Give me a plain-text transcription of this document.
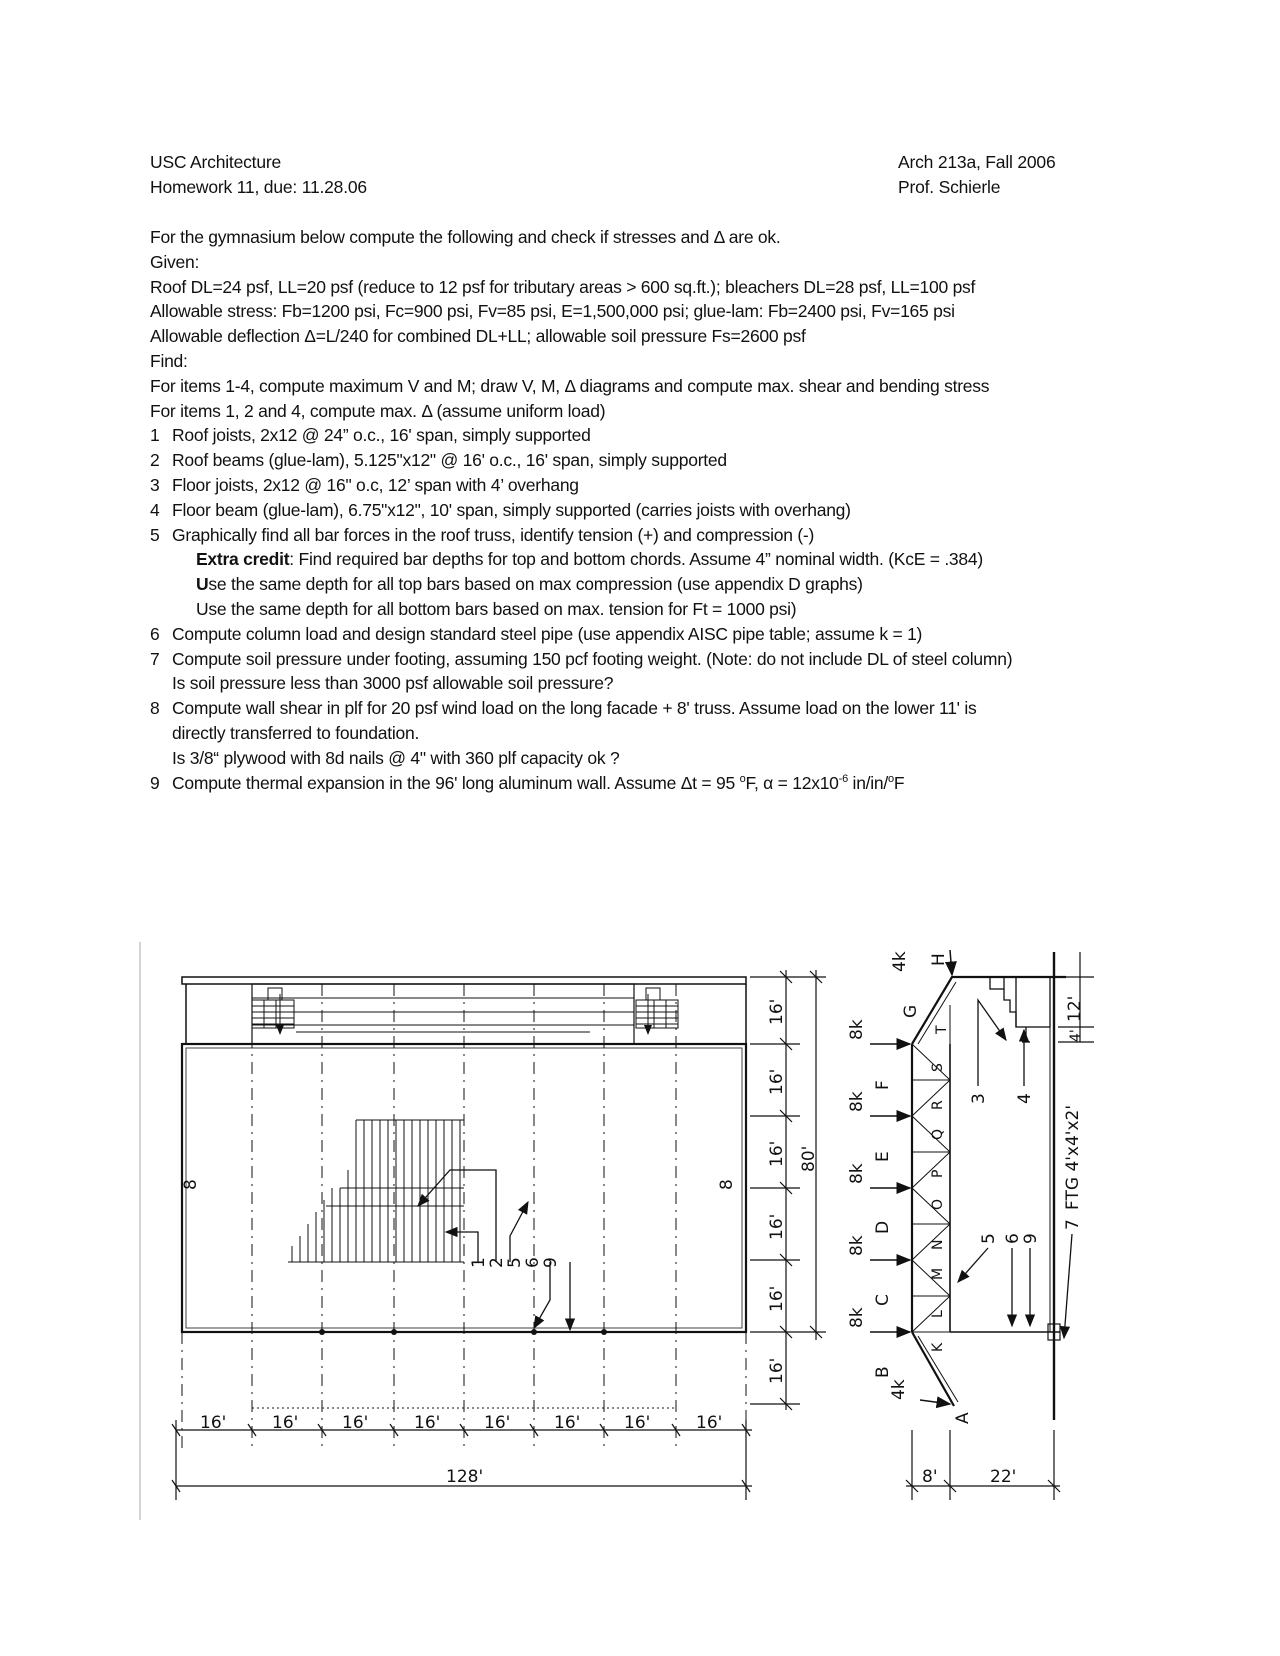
USC Architecture
Homework 11, due: 11.28.06
Arch 213a, Fall 2006
Prof. Schierle
For the gymnasium below compute the following and check if stresses and Δ are ok.
Given:
Roof DL=24 psf, LL=20 psf (reduce to 12 psf for tributary areas > 600 sq.ft.); bleachers DL=28 psf, LL=100 psf
Allowable stress: Fb=1200 psi, Fc=900 psi, Fv=85 psi, E=1,500,000 psi; glue-lam: Fb=2400 psi, Fv=165 psi
Allowable deflection Δ=L/240 for combined DL+LL; allowable soil pressure Fs=2600 psf
Find:
For items 1-4, compute maximum V and M; draw V, M, Δ diagrams and compute max. shear and bending stress
For items 1, 2 and 4, compute max. Δ (assume uniform load)
1 Roof joists, 2x12 @ 24” o.c., 16' span, simply supported
2 Roof beams (glue-lam), 5.125"x12" @ 16' o.c., 16' span, simply supported
3 Floor joists, 2x12 @ 16" o.c, 12’ span with 4’ overhang
4 Floor beam (glue-lam), 6.75"x12", 10' span, simply supported (carries joists with overhang)
5 Graphically find all bar forces in the roof truss, identify tension (+) and compression (-)
Extra credit: Find required bar depths for top and bottom chords. Assume 4” nominal width. (KcE = .384)
Use the same depth for all top bars based on max compression (use appendix D graphs)
Use the same depth for all bottom bars based on max. tension for Ft = 1000 psi)
6 Compute column load and design standard steel pipe (use appendix AISC pipe table; assume k = 1)
7 Compute soil pressure under footing, assuming 150 pcf footing weight. (Note: do not include DL of steel column)
Is soil pressure less than 3000 psf allowable soil pressure?
8 Compute wall shear in plf for 20 psf wind load on the long facade + 8' truss. Assume load on the lower 11' is
directly transferred to foundation.
Is 3/8“ plywood with 8d nails @ 4" with 360 plf capacity ok ?
9 Compute thermal expansion in the 96' long aluminum wall. Assume Δt = 95 $^o$F, $\alpha = 12x10^{-6}$ in/in/$^o$F
16'	16'	16'	16'	16'	16'	16'	16'
128'
8	8
16'
16'
16'
16'
16'
16'
80'
1
2
5
6
9
4k
8k
8k
8k
8k
8k
4k
H
G
F
E
D
C
B
A
T
S
R
Q
P
O
N
M
L
K
3 4
5 6
9
7
FTG 4'x4'x2'
12'
4'
8'	22'
